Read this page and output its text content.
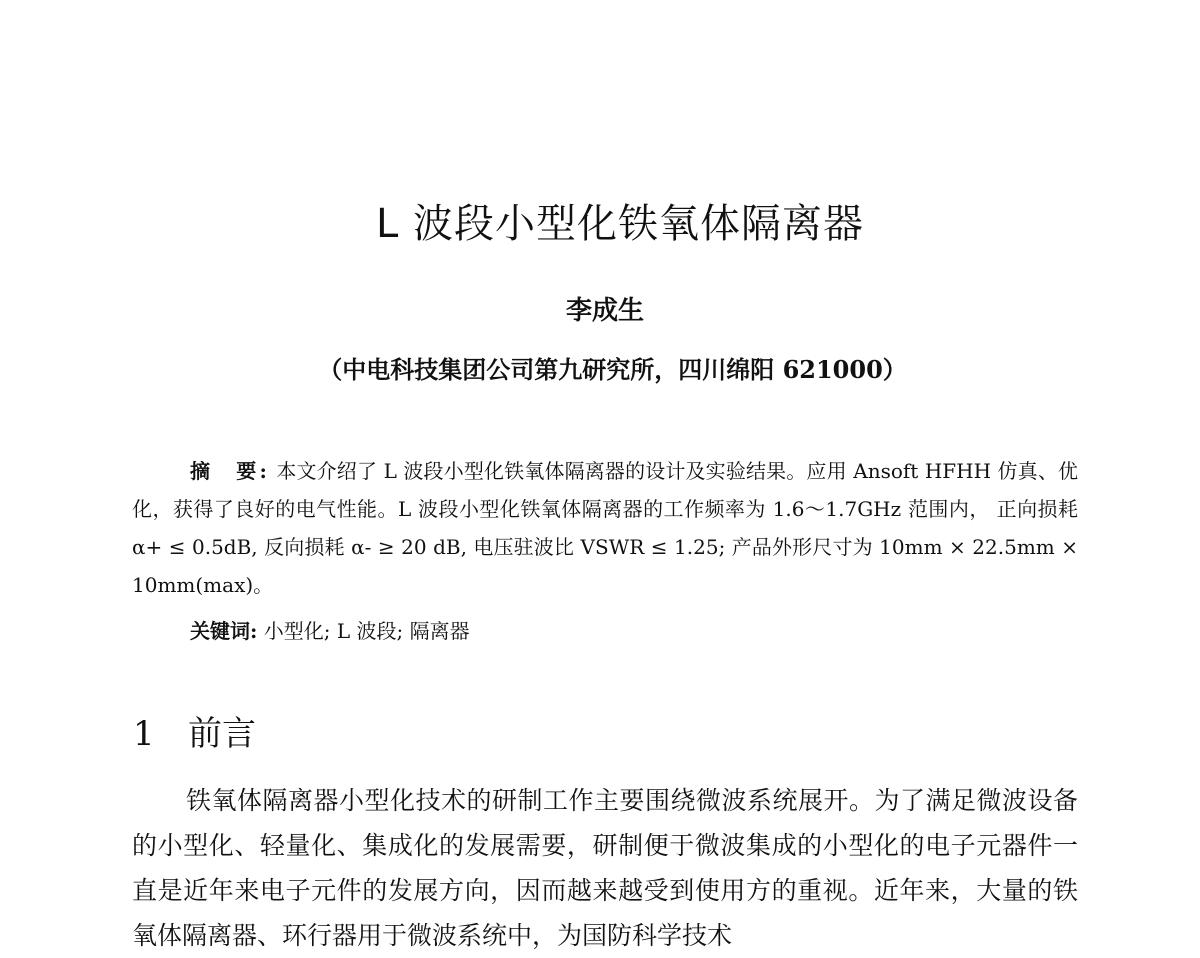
L 波段小型化铁氧体隔离器
李成生
（中电科技集团公司第九研究所，四川绵阳 621000）

摘　要: 本文介绍了 L 波段小型化铁氧体隔离器的设计及实验结果。应用 Ansoft HFHH 仿真、优化，获得了良好的电气性能。L 波段小型化铁氧体隔离器的工作频率为 1.6～1.7GHz 范围内， 正向损耗 α+ ≤ 0.5dB, 反向损耗 α- ≥ 20 dB, 电压驻波比 VSWR ≤ 1.25; 产品外形尺寸为 10mm × 22.5mm × 10mm(max)。

关键词: 小型化; L 波段; 隔离器
1 前言

铁氧体隔离器小型化技术的研制工作主要围绕微波系统展开。为了满足微波设备的小型化、轻量化、集成化的发展需要，研制便于微波集成的小型化的电子元器件一直是近年来电子元件的发展方向，因而越来越受到使用方的重视。近年来，大量的铁氧体隔离器、环行器用于微波系统中，为国防科学技术
